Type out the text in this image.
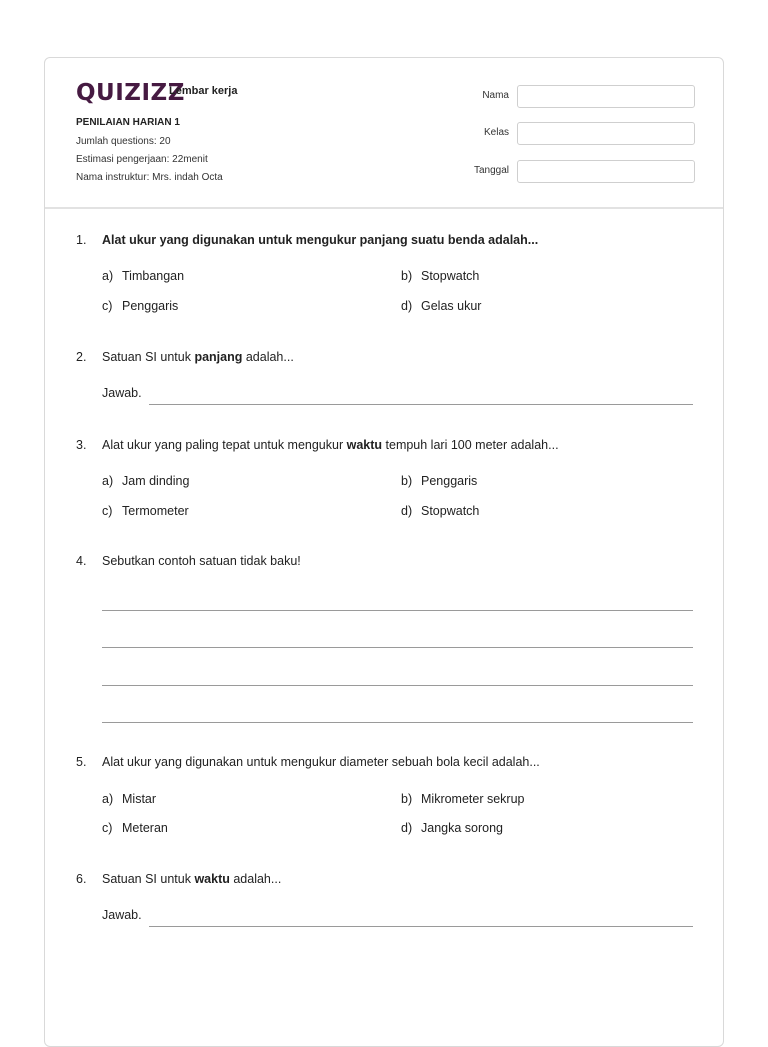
QUIZIZZ
Lembar kerja
PENILAIAN HARIAN 1
Jumlah questions: 20
Estimasi pengerjaan: 22menit
Nama instruktur: Mrs. indah Octa
Nama
Kelas
Tanggal
1. Alat ukur yang digunakan untuk mengukur panjang suatu benda adalah...
a) Timbangan	b) Stopwatch
c) Penggaris	d) Gelas ukur
2. Satuan SI untuk panjang adalah...
Jawab.
3. Alat ukur yang paling tepat untuk mengukur waktu tempuh lari 100 meter adalah...
a) Jam dinding	b) Penggaris
c) Termometer	d) Stopwatch
4. Sebutkan contoh satuan tidak baku!
5. Alat ukur yang digunakan untuk mengukur diameter sebuah bola kecil adalah...
a) Mistar	b) Mikrometer sekrup
c) Meteran	d) Jangka sorong
6. Satuan SI untuk waktu adalah...
Jawab.
